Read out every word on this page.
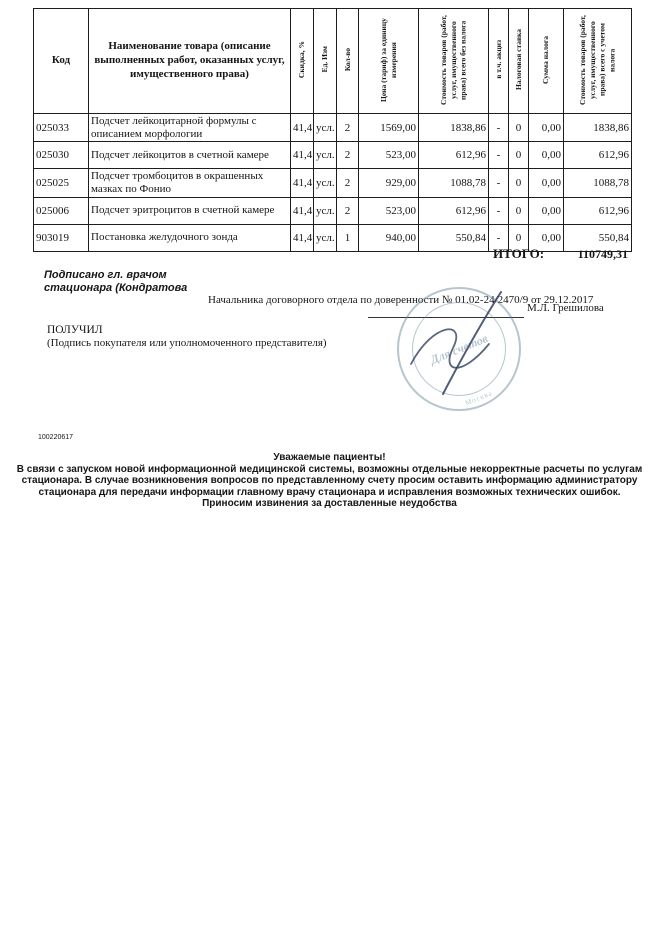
Код	Наименование товара (описание выполненных работ, оказанных услуг, имущественного права)	Скидка, %	Ед. Изм	Кол-во	Цена (тариф) за единицу измерения	Стоимость товаров (работ, услуг, имущественного права) всего без налога	в т.ч. акциз	Налоговая ставка	Сумма налога	Стоимость товаров (работ, услуг, имущественного права) всего с учетом налога
025033	Подсчет лейкоцитарной формулы с описанием морфологии	41,4	усл.	2	1569,00	1838,86	-	0	0,00	1838,86
025030	Подсчет лейкоцитов в счетной камере	41,4	усл.	2	523,00	612,96	-	0	0,00	612,96
025025	Подсчет тромбоцитов в окрашенных мазках по Фонио	41,4	усл.	2	929,00	1088,78	-	0	0,00	1088,78
025006	Подсчет эритроцитов в счетной камере	41,4	усл.	2	523,00	612,96	-	0	0,00	612,96
903019	Постановка желудочного зонда	41,4	усл.	1	940,00	550,84	-	0	0,00	550,84
ИТОГО:	110749,31
Подписано гл. врачом
стационара (Кондратова
Начальника договорного отдела по доверенности № 01.02-24/2470/9 от 29.12.2017
М.Л. Грешилова
ПОЛУЧИЛ
(Подпись покупателя или уполномоченного представителя)	Для счетов
Москва
100220617
Уважаемые пациенты!
В связи с запуском новой информационной медицинской системы, возможны отдельные некорректные расчеты по услугам стационара. В случае возникновения вопросов по представленному счету просим оставить информацию администратору стационара для передачи информации главному врачу стационара и исправления возможных технических ошибок.
Приносим извинения за доставленные неудобства
